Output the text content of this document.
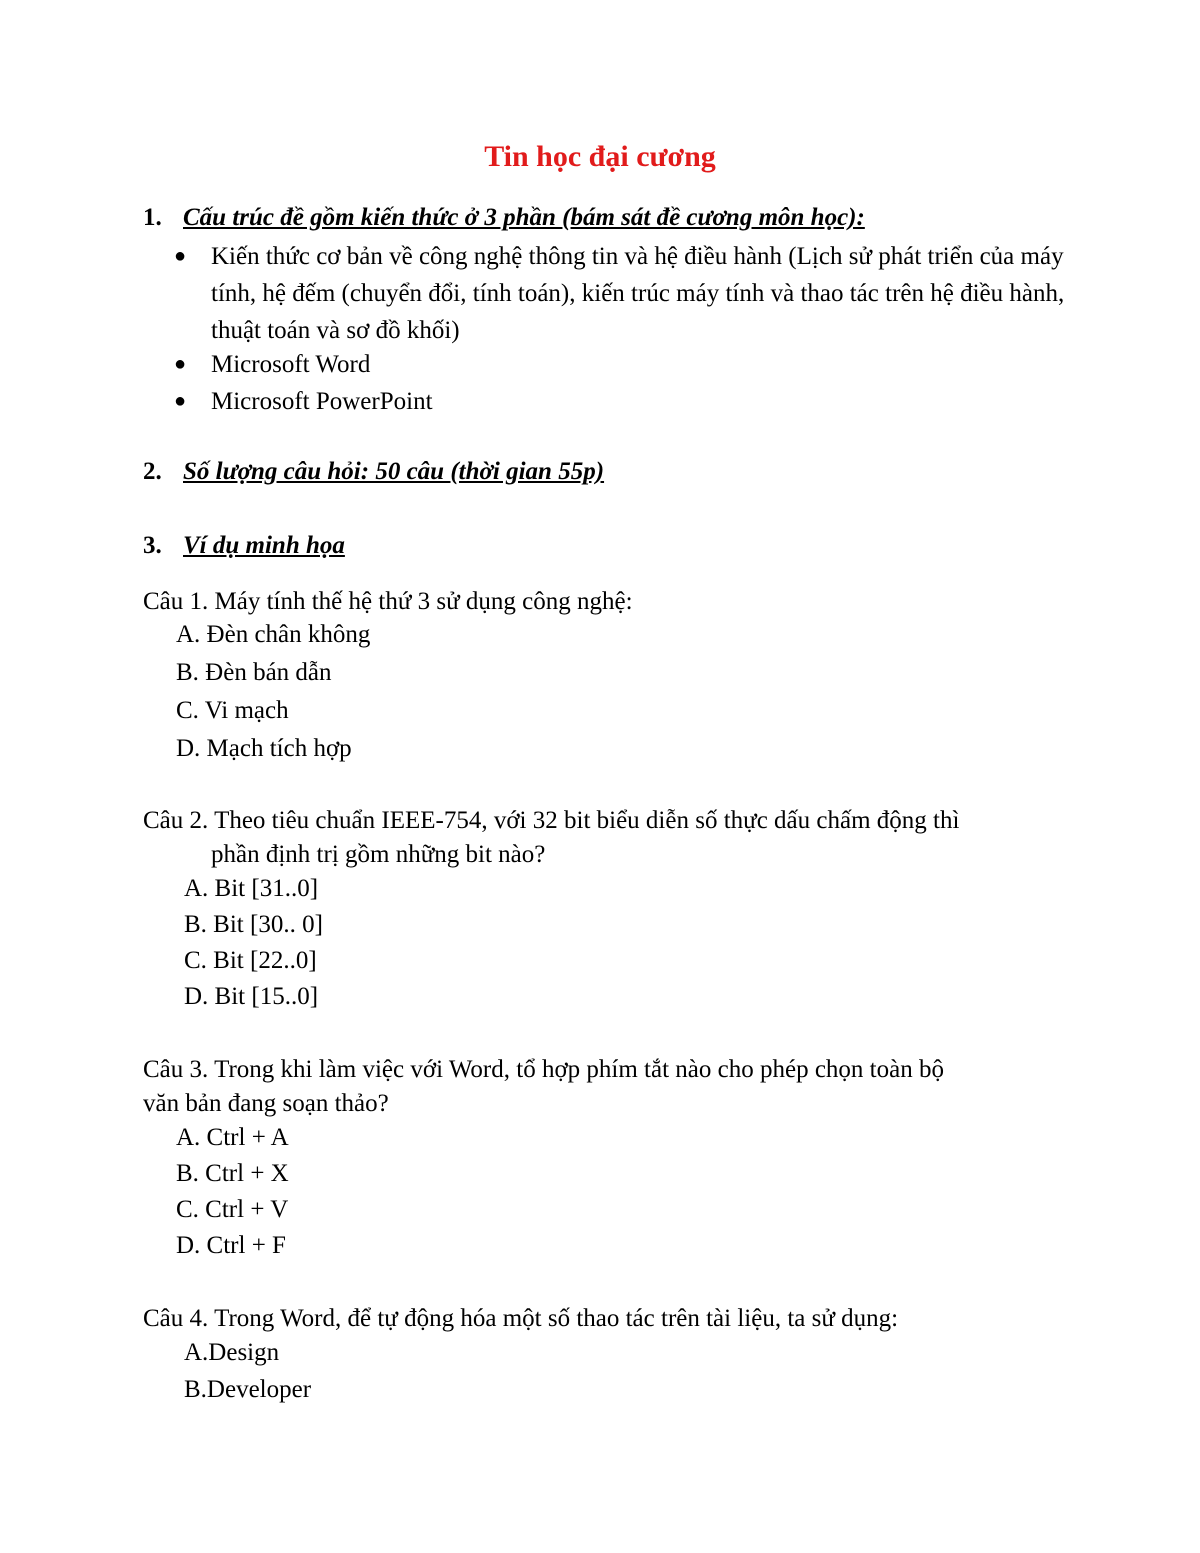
Tin học đại cương
1. Cấu trúc đề gồm kiến thức ở 3 phần (bám sát đề cương môn học):
● Kiến thức cơ bản về công nghệ thông tin và hệ điều hành (Lịch sử phát triển của máy tính, hệ đếm (chuyển đổi, tính toán), kiến trúc máy tính và thao tác trên hệ điều hành, thuật toán và sơ đồ khối)
● Microsoft Word
● Microsoft PowerPoint
2. Số lượng câu hỏi: 50 câu (thời gian 55p)
3. Ví dụ minh họa
Câu 1. Máy tính thế hệ thứ 3 sử dụng công nghệ:
A. Đèn chân không
B. Đèn bán dẫn
C. Vi mạch
D. Mạch tích hợp
Câu 2. Theo tiêu chuẩn IEEE-754, với 32 bit biểu diễn số thực dấu chấm động thì
phần định trị gồm những bit nào?
A. Bit [31..0]
B. Bit [30.. 0]
C. Bit [22..0]
D. Bit [15..0]
Câu 3. Trong khi làm việc với Word, tổ hợp phím tắt nào cho phép chọn toàn bộ
văn bản đang soạn thảo?
A. Ctrl + A
B. Ctrl + X
C. Ctrl + V
D. Ctrl + F
Câu 4. Trong Word, để tự động hóa một số thao tác trên tài liệu, ta sử dụng:
A.Design
B.Developer
